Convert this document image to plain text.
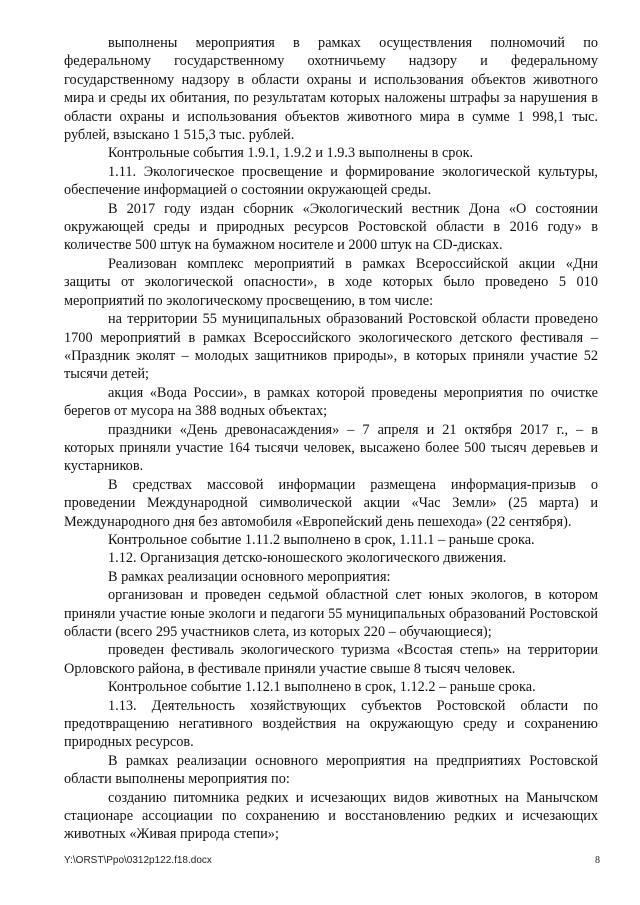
выполнены мероприятия в рамках осуществления полномочий по федеральному государственному охотничьему надзору и федеральному государственному надзору в области охраны и использования объектов животного мира и среды их обитания, по результатам которых наложены штрафы за нарушения в области охраны и использования объектов животного мира в сумме 1 998,1 тыс. рублей, взыскано 1 515,3 тыс. рублей.

Контрольные события 1.9.1, 1.9.2 и 1.9.3 выполнены в срок.

1.11. Экологическое просвещение и формирование экологической культуры, обеспечение информацией о состоянии окружающей среды.

В 2017 году издан сборник «Экологический вестник Дона «О состоянии окружающей среды и природных ресурсов Ростовской области в 2016 году» в количестве 500 штук на бумажном носителе и 2000 штук на CD-дисках.

Реализован комплекс мероприятий в рамках Всероссийской акции «Дни защиты от экологической опасности», в ходе которых было проведено 5 010 мероприятий по экологическому просвещению, в том числе:

на территории 55 муниципальных образований Ростовской области проведено 1700 мероприятий в рамках Всероссийского экологического детского фестиваля – «Праздник эколят – молодых защитников природы», в которых приняли участие 52 тысячи детей;

акция «Вода России», в рамках которой проведены мероприятия по очистке берегов от мусора на 388 водных объектах;

праздники «День древонасаждения» – 7 апреля и 21 октября 2017 г., – в которых приняли участие 164 тысячи человек, высажено более 500 тысяч деревьев и кустарников.

В средствах массовой информации размещена информация-призыв о проведении Международной символической акции «Час Земли» (25 марта) и Международного дня без автомобиля «Европейский день пешехода» (22 сентября).

Контрольное событие 1.11.2 выполнено в срок, 1.11.1 – раньше срока.

1.12. Организация детско-юношеского экологического движения.

В рамках реализации основного мероприятия:

организован и проведен седьмой областной слет юных экологов, в котором приняли участие юные экологи и педагоги 55 муниципальных образований Ростовской области (всего 295 участников слета, из которых 220 – обучающиеся);

проведен фестиваль экологического туризма «Всостая степь» на территории Орловского района, в фестивале приняли участие свыше 8 тысяч человек.

Контрольное событие 1.12.1 выполнено в срок, 1.12.2 – раньше срока.

1.13. Деятельность хозяйствующих субъектов Ростовской области по предотвращению негативного воздействия на окружающую среду и сохранению природных ресурсов.

В рамках реализации основного мероприятия на предприятиях Ростовской области выполнены мероприятия по:

созданию питомника редких и исчезающих видов животных на Манычском стационаре ассоциации по сохранению и восстановлению редких и исчезающих животных «Живая природа степи»;

Y:\ORST\Ppo\0312p122.f18.docx	8
